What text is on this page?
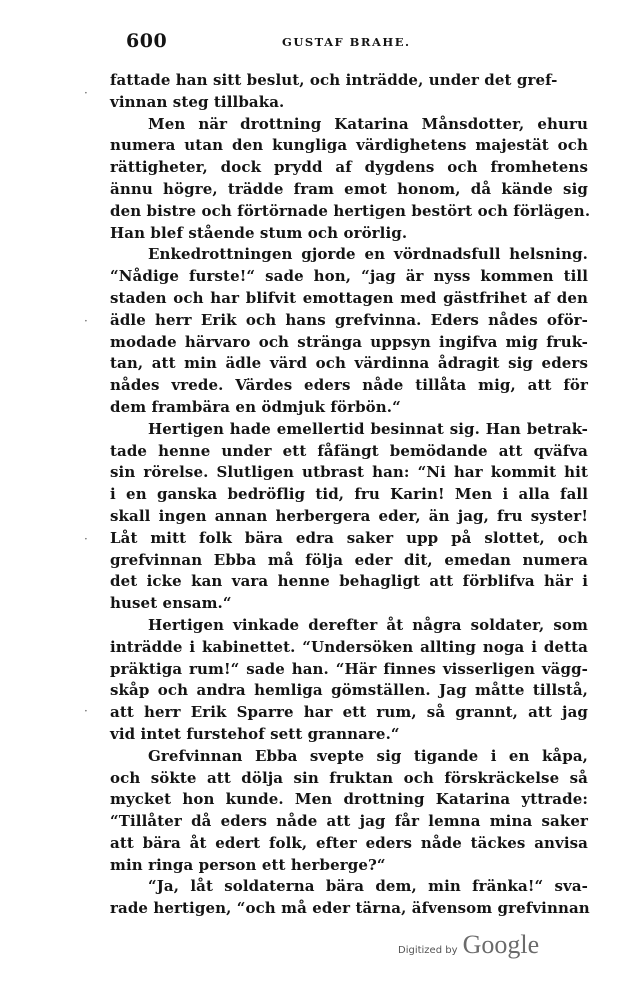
600	GUSTAF BRAHE.
·
·
·
·
fattade han sitt beslut, och inträdde, under det gref-
vinnan steg tillbaka.
Men när drottning Katarina Månsdotter, ehuru
numera utan den kungliga värdighetens majestät och
rättigheter, dock prydd af dygdens och fromhetens
ännu högre, trädde fram emot honom, då kände sig
den bistre och förtörnade hertigen bestört och förlägen.
Han blef stående stum och orörlig.
Enkedrottningen gjorde en vördnadsfull helsning.
“Nådige furste!“ sade hon, “jag är nyss kommen till
staden och har blifvit emottagen med gästfrihet af den
ädle herr Erik och hans grefvinna. Eders nådes oför-
modade härvaro och stränga uppsyn ingifva mig fruk-
tan, att min ädle värd och värdinna ådragit sig eders
nådes vrede. Värdes eders nåde tillåta mig, att för
dem frambära en ödmjuk förbön.“
Hertigen hade emellertid besinnat sig. Han betrak-
tade henne under ett fåfängt bemödande att qväfva
sin rörelse. Slutligen utbrast han: “Ni har kommit hit
i en ganska bedröflig tid, fru Karin! Men i alla fall
skall ingen annan herbergera eder, än jag, fru syster!
Låt mitt folk bära edra saker upp på slottet, och
grefvinnan Ebba må följa eder dit, emedan numera
det icke kan vara henne behagligt att förblifva här i
huset ensam.“
Hertigen vinkade derefter åt några soldater, som
inträdde i kabinettet. “Undersöken allting noga i detta
präktiga rum!“ sade han. “Här finnes visserligen vägg-
skåp och andra hemliga gömställen. Jag måtte tillstå,
att herr Erik Sparre har ett rum, så grannt, att jag
vid intet furstehof sett grannare.“
Grefvinnan Ebba svepte sig tigande i en kåpa,
och sökte att dölja sin fruktan och förskräckelse så
mycket hon kunde. Men drottning Katarina yttrade:
“Tillåter då eders nåde att jag får lemna mina saker
att bära åt edert folk, efter eders nåde täckes anvisa
min ringa person ett herberge?“
“Ja, låt soldaterna bära dem, min fränka!“ sva-
rade hertigen, “och må eder tärna, äfvensom grefvinnan
Digitized by Google
